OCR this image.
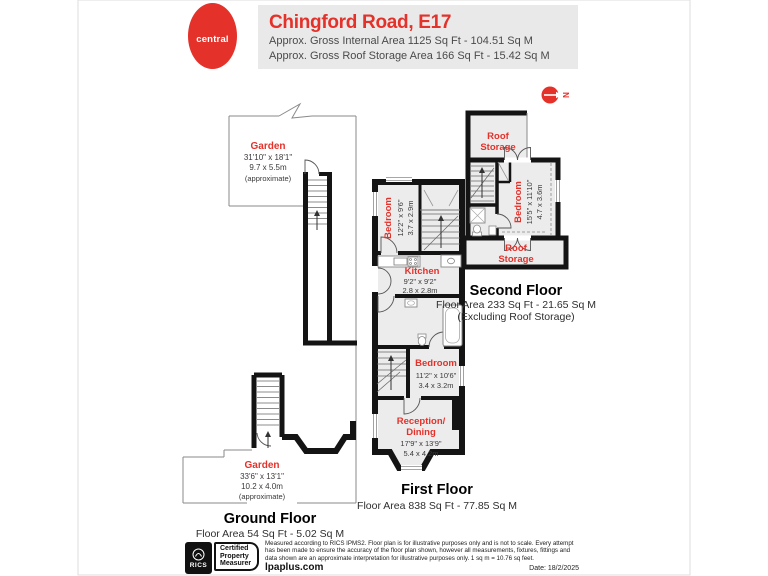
central
Chingford Road, E17
Approx. Gross Internal Area 1125 Sq Ft - 104.51 Sq M
Approx. Gross Roof Storage Area 166 Sq Ft - 15.42 Sq M
N
Garden
31'10" x 18'1"
9.7 x 5.5m
(approximate)
Bedroom 12'2" x 9'6" 3.7 x 2.9m
Kitchen
9'2" x 9'2"
2.8 x 2.8m
Bedroom
11'2" x 10'6"
3.4 x 3.2m
Reception/
Dining
17'9" x 13'9"
5.4 x 4.2m
First Floor
Floor Area 838 Sq Ft - 77.85 Sq M
Roof
Storage
Bedroom 15'5" x 11'10" 4.7 x 3.6m
Roof
Storage
Second Floor
Floor Area 233 Sq Ft - 21.65 Sq M
(Excluding Roof Storage)
Garden
33'6" x 13'1"
10.2 x 4.0m
(approximate)
Ground Floor
Floor Area 54 Sq Ft - 5.02 Sq M
RICS
Certified
Property
Measurer
Measured according to RICS IPMS2. Floor plan is for illustrative purposes only and is not to scale. Every attempt has been made to ensure the accuracy of the floor plan shown, however all measurements, fixtures, fittings and data shown are an approximate interpretation for illustrative purposes only. 1 sq m = 10.76 sq feet.
lpaplus.com	Date: 18/2/2025
